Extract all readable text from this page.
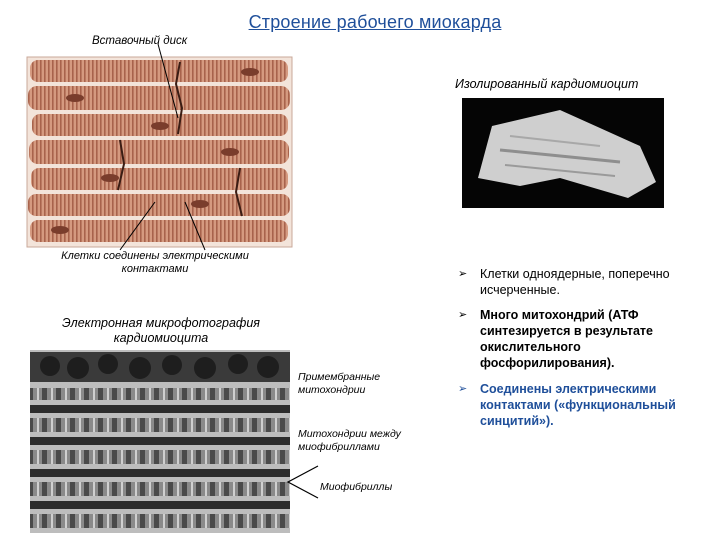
Строение рабочего миокарда
Вставочный диск
Изолированный кардиомиоцит
Клетки соединены электрическими контактами
Электронная микрофотография кардиомиоцита
Примембранные митохондрии
Митохондрии между миофибриллами
Миофибриллы
➢ Клетки одноядерные, поперечно исчерченные.
➢ Много митохондрий (АТФ синтезируется в результате окислительного фосфорилирования).
➢ Соединены электрическими контактами («функциональный синцитий»).
